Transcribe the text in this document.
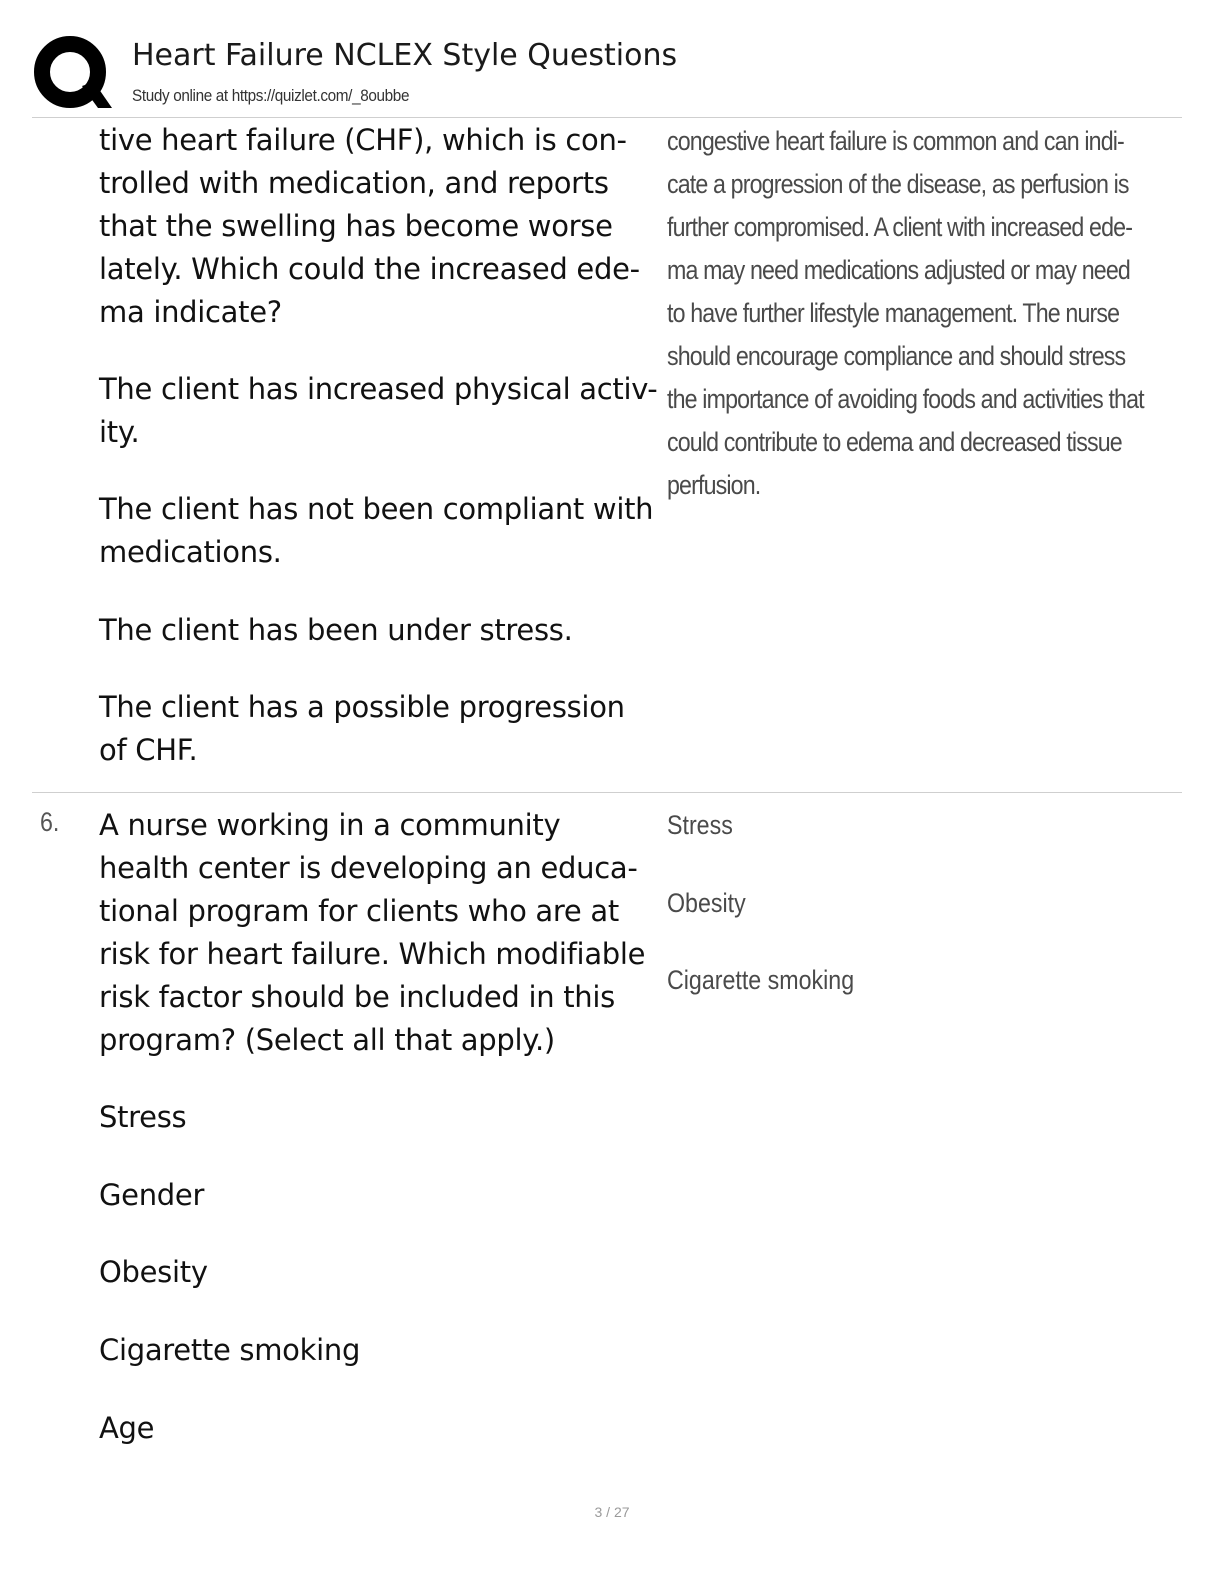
Heart Failure NCLEX Style Questions
Study online at https://quizlet.com/_8oubbe
tive heart failure (CHF), which is con-
trolled with medication, and reports
that the swelling has become worse
lately. Which could the increased ede-
ma indicate?
The client has increased physical activ-
ity.
The client has not been compliant with
medications.
The client has been under stress.
The client has a possible progression
of CHF.
congestive heart failure is common and can indi-
cate a progression of the disease, as perfusion is
further compromised. A client with increased ede-
ma may need medications adjusted or may need
to have further lifestyle management. The nurse
should encourage compliance and should stress
the importance of avoiding foods and activities that
could contribute to edema and decreased tissue
perfusion.
6. A nurse working in a community
health center is developing an educa-
tional program for clients who are at
risk for heart failure. Which modifiable
risk factor should be included in this
program? (Select all that apply.)
Stress
Gender
Obesity
Cigarette smoking
Age
Stress
Obesity
Cigarette smoking
3 / 27
